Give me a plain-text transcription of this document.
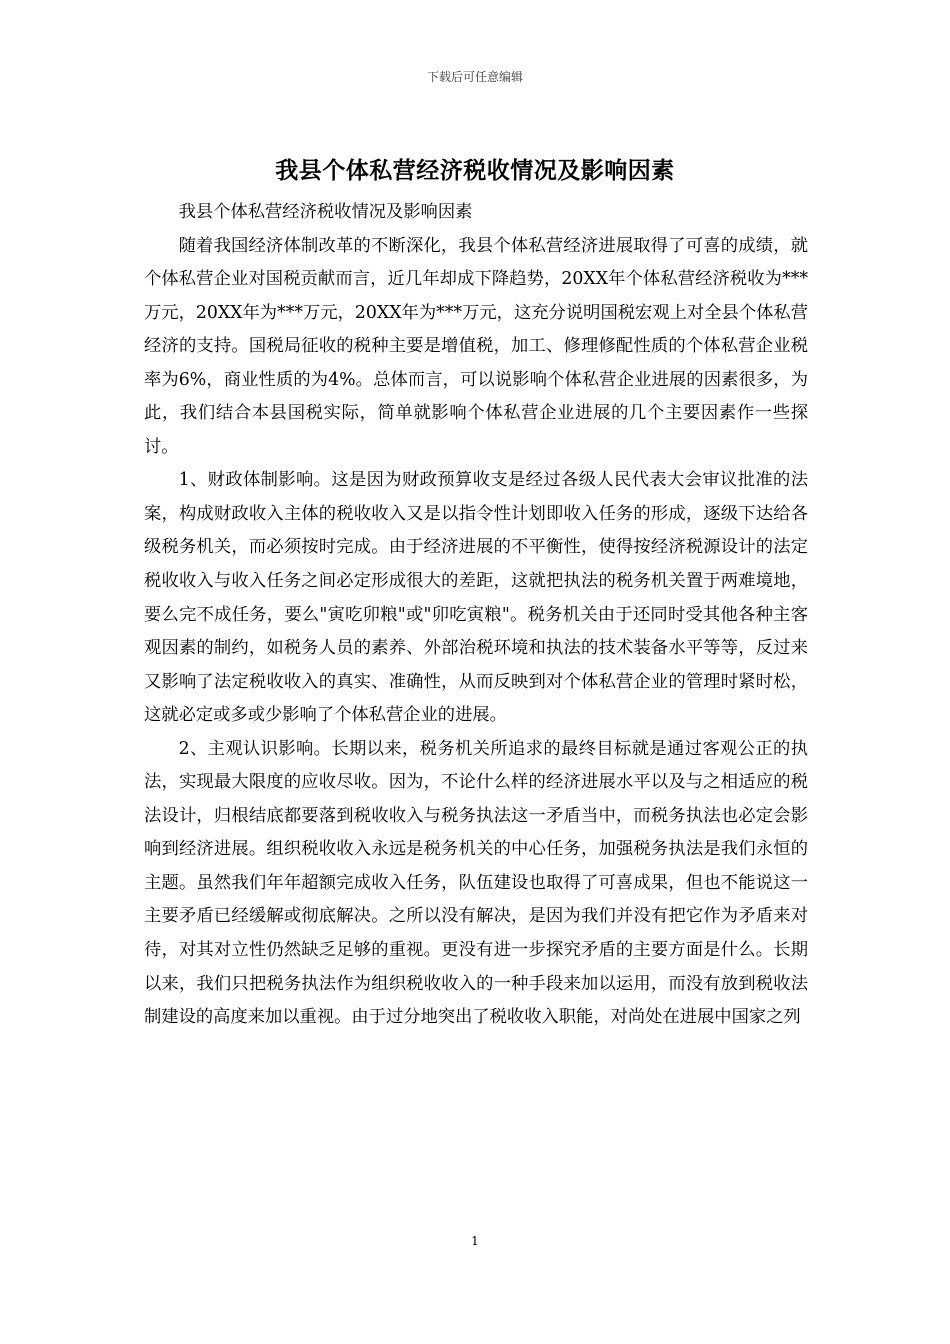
下载后可任意编辑
我县个体私营经济税收情况及影响因素

我县个体私营经济税收情况及影响因素

随着我国经济体制改革的不断深化，我县个体私营经济进展取得了可喜的成绩，就个体私营企业对国税贡献而言，近几年却成下降趋势，20XX年个体私营经济税收为***万元，20XX年为***万元，20XX年为***万元，这充分说明国税宏观上对全县个体私营经济的支持。国税局征收的税种主要是增值税，加工、修理修配性质的个体私营企业税率为6%，商业性质的为4%。总体而言，可以说影响个体私营企业进展的因素很多，为此，我们结合本县国税实际，简单就影响个体私营企业进展的几个主要因素作一些探讨。

1、财政体制影响。这是因为财政预算收支是经过各级人民代表大会审议批准的法案，构成财政收入主体的税收收入又是以指令性计划即收入任务的形成，逐级下达给各级税务机关，而必须按时完成。由于经济进展的不平衡性，使得按经济税源设计的法定税收收入与收入任务之间必定形成很大的差距，这就把执法的税务机关置于两难境地，要么完不成任务，要么"寅吃卯粮"或"卯吃寅粮"。税务机关由于还同时受其他各种主客观因素的制约，如税务人员的素养、外部治税环境和执法的技术装备水平等等，反过来又影响了法定税收收入的真实、准确性，从而反映到对个体私营企业的管理时紧时松，这就必定或多或少影响了个体私营企业的进展。

2、主观认识影响。长期以来，税务机关所追求的最终目标就是通过客观公正的执法，实现最大限度的应收尽收。因为，不论什么样的经济进展水平以及与之相适应的税法设计，归根结底都要落到税收收入与税务执法这一矛盾当中，而税务执法也必定会影响到经济进展。组织税收收入永远是税务机关的中心任务，加强税务执法是我们永恒的主题。虽然我们年年超额完成收入任务，队伍建设也取得了可喜成果，但也不能说这一主要矛盾已经缓解或彻底解决。之所以没有解决，是因为我们并没有把它作为矛盾来对待，对其对立性仍然缺乏足够的重视。更没有进一步探究矛盾的主要方面是什么。长期以来，我们只把税务执法作为组织税收收入的一种手段来加以运用，而没有放到税收法制建设的高度来加以重视。由于过分地突出了税收收入职能，对尚处在进展中国家之列

1
